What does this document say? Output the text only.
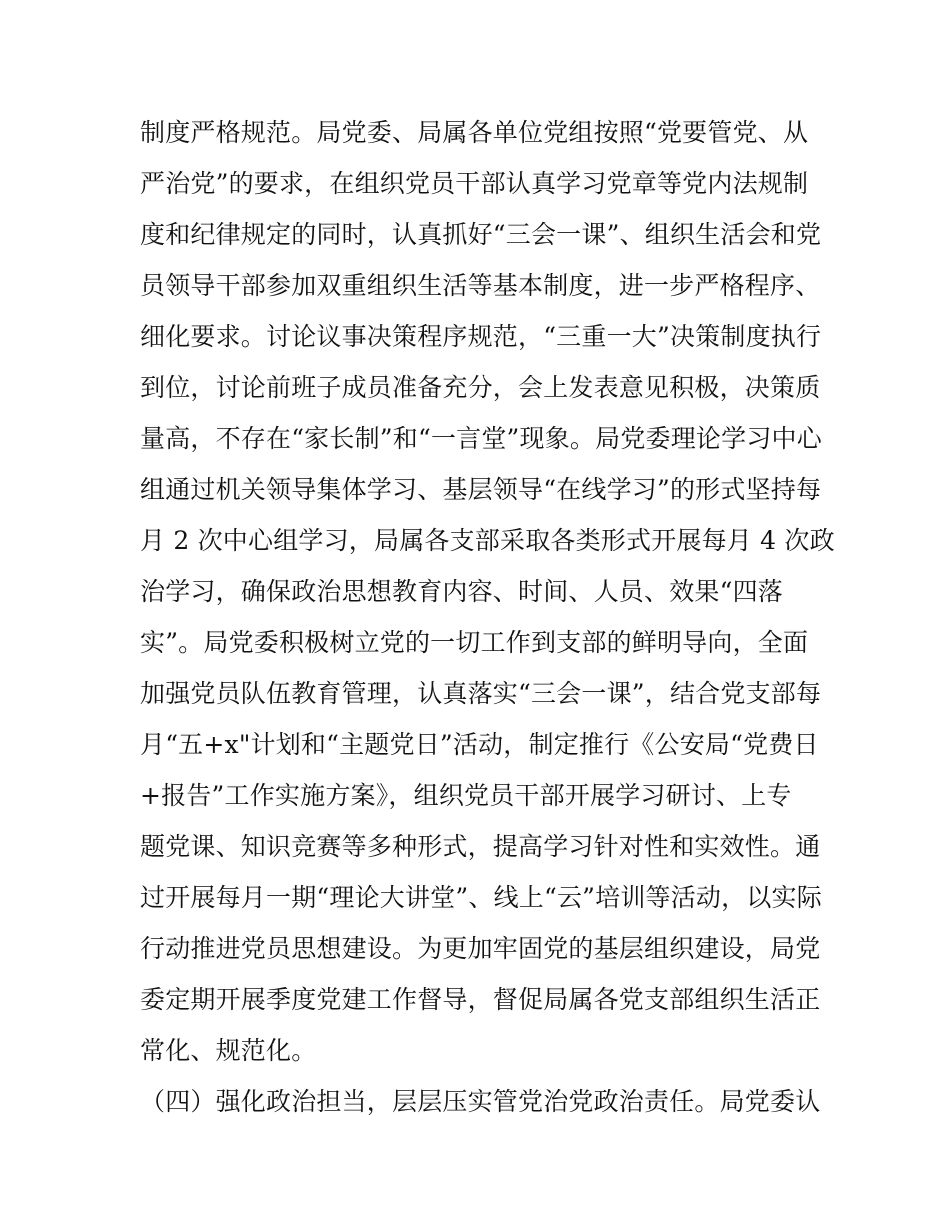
制度严格规范。局党委、局属各单位党组按照“党要管党、从
严治党”的要求，在组织党员干部认真学习党章等党内法规制
度和纪律规定的同时，认真抓好“三会一课”、组织生活会和党
员领导干部参加双重组织生活等基本制度，进一步严格程序、
细化要求。讨论议事决策程序规范，“三重一大”决策制度执行
到位，讨论前班子成员准备充分，会上发表意见积极，决策质
量高，不存在“家长制”和“一言堂”现象。局党委理论学习中心
组通过机关领导集体学习、基层领导“在线学习”的形式坚持每
月 2 次中心组学习，局属各支部采取各类形式开展每月 4 次政
治学习，确保政治思想教育内容、时间、人员、效果“四落
实”。局党委积极树立党的一切工作到支部的鲜明导向，全面
加强党员队伍教育管理，认真落实“三会一课”，结合党支部每
月“五+x"计划和“主题党日”活动，制定推行《公安局“党费日
+报告”工作实施方案》，组织党员干部开展学习研讨、上专
题党课、知识竞赛等多种形式，提高学习针对性和实效性。通
过开展每月一期“理论大讲堂”、线上“云”培训等活动，以实际
行动推进党员思想建设。为更加牢固党的基层组织建设，局党
委定期开展季度党建工作督导，督促局属各党支部组织生活正
常化、规范化。
（四）强化政治担当，层层压实管党治党政治责任。局党委认
